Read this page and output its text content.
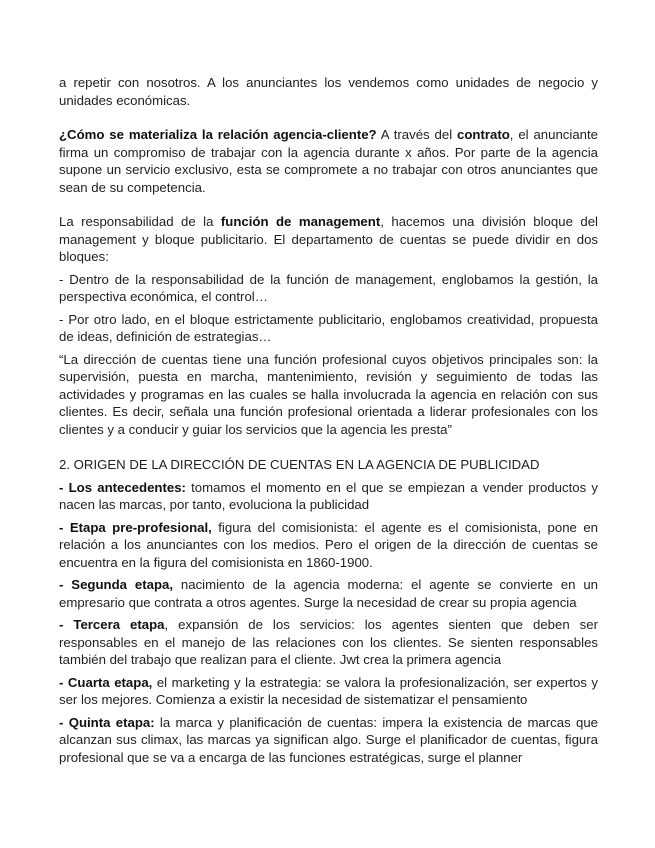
a repetir con nosotros. A los anunciantes los vendemos como unidades de negocio y unidades económicas.

¿Cómo se materializa la relación agencia-cliente? A través del contrato, el anunciante firma un compromiso de trabajar con la agencia durante x años. Por parte de la agencia supone un servicio exclusivo, esta se compromete a no trabajar con otros anunciantes que sean de su competencia.

La responsabilidad de la función de management, hacemos una división bloque del management y bloque publicitario. El departamento de cuentas se puede dividir en dos bloques:

- Dentro de la responsabilidad de la función de management, englobamos la gestión, la perspectiva económica, el control…

- Por otro lado, en el bloque estrictamente publicitario, englobamos creatividad, propuesta de ideas, definición de estrategias…

“La dirección de cuentas tiene una función profesional cuyos objetivos principales son: la supervisión, puesta en marcha, mantenimiento, revisión y seguimiento de todas las actividades y programas en las cuales se halla involucrada la agencia en relación con sus clientes. Es decir, señala una función profesional orientada a liderar profesionales con los clientes y a conducir y guiar los servicios que la agencia les presta”

2. ORIGEN DE LA DIRECCIÓN DE CUENTAS EN LA AGENCIA DE PUBLICIDAD

- Los antecedentes: tomamos el momento en el que se empiezan a vender productos y nacen las marcas, por tanto, evoluciona la publicidad

- Etapa pre-profesional, figura del comisionista: el agente es el comisionista, pone en relación a los anunciantes con los medios. Pero el origen de la dirección de cuentas se encuentra en la figura del comisionista en 1860-1900.

- Segunda etapa, nacimiento de la agencia moderna: el agente se convierte en un empresario que contrata a otros agentes. Surge la necesidad de crear su propia agencia

- Tercera etapa, expansión de los servicios: los agentes sienten que deben ser responsables en el manejo de las relaciones con los clientes. Se sienten responsables también del trabajo que realizan para el cliente. Jwt crea la primera agencia

- Cuarta etapa, el marketing y la estrategia: se valora la profesionalización, ser expertos y ser los mejores. Comienza a existir la necesidad de sistematizar el pensamiento

- Quinta etapa: la marca y planificación de cuentas: impera la existencia de marcas que alcanzan sus climax, las marcas ya significan algo. Surge el planificador de cuentas, figura profesional que se va a encarga de las funciones estratégicas, surge el planner
